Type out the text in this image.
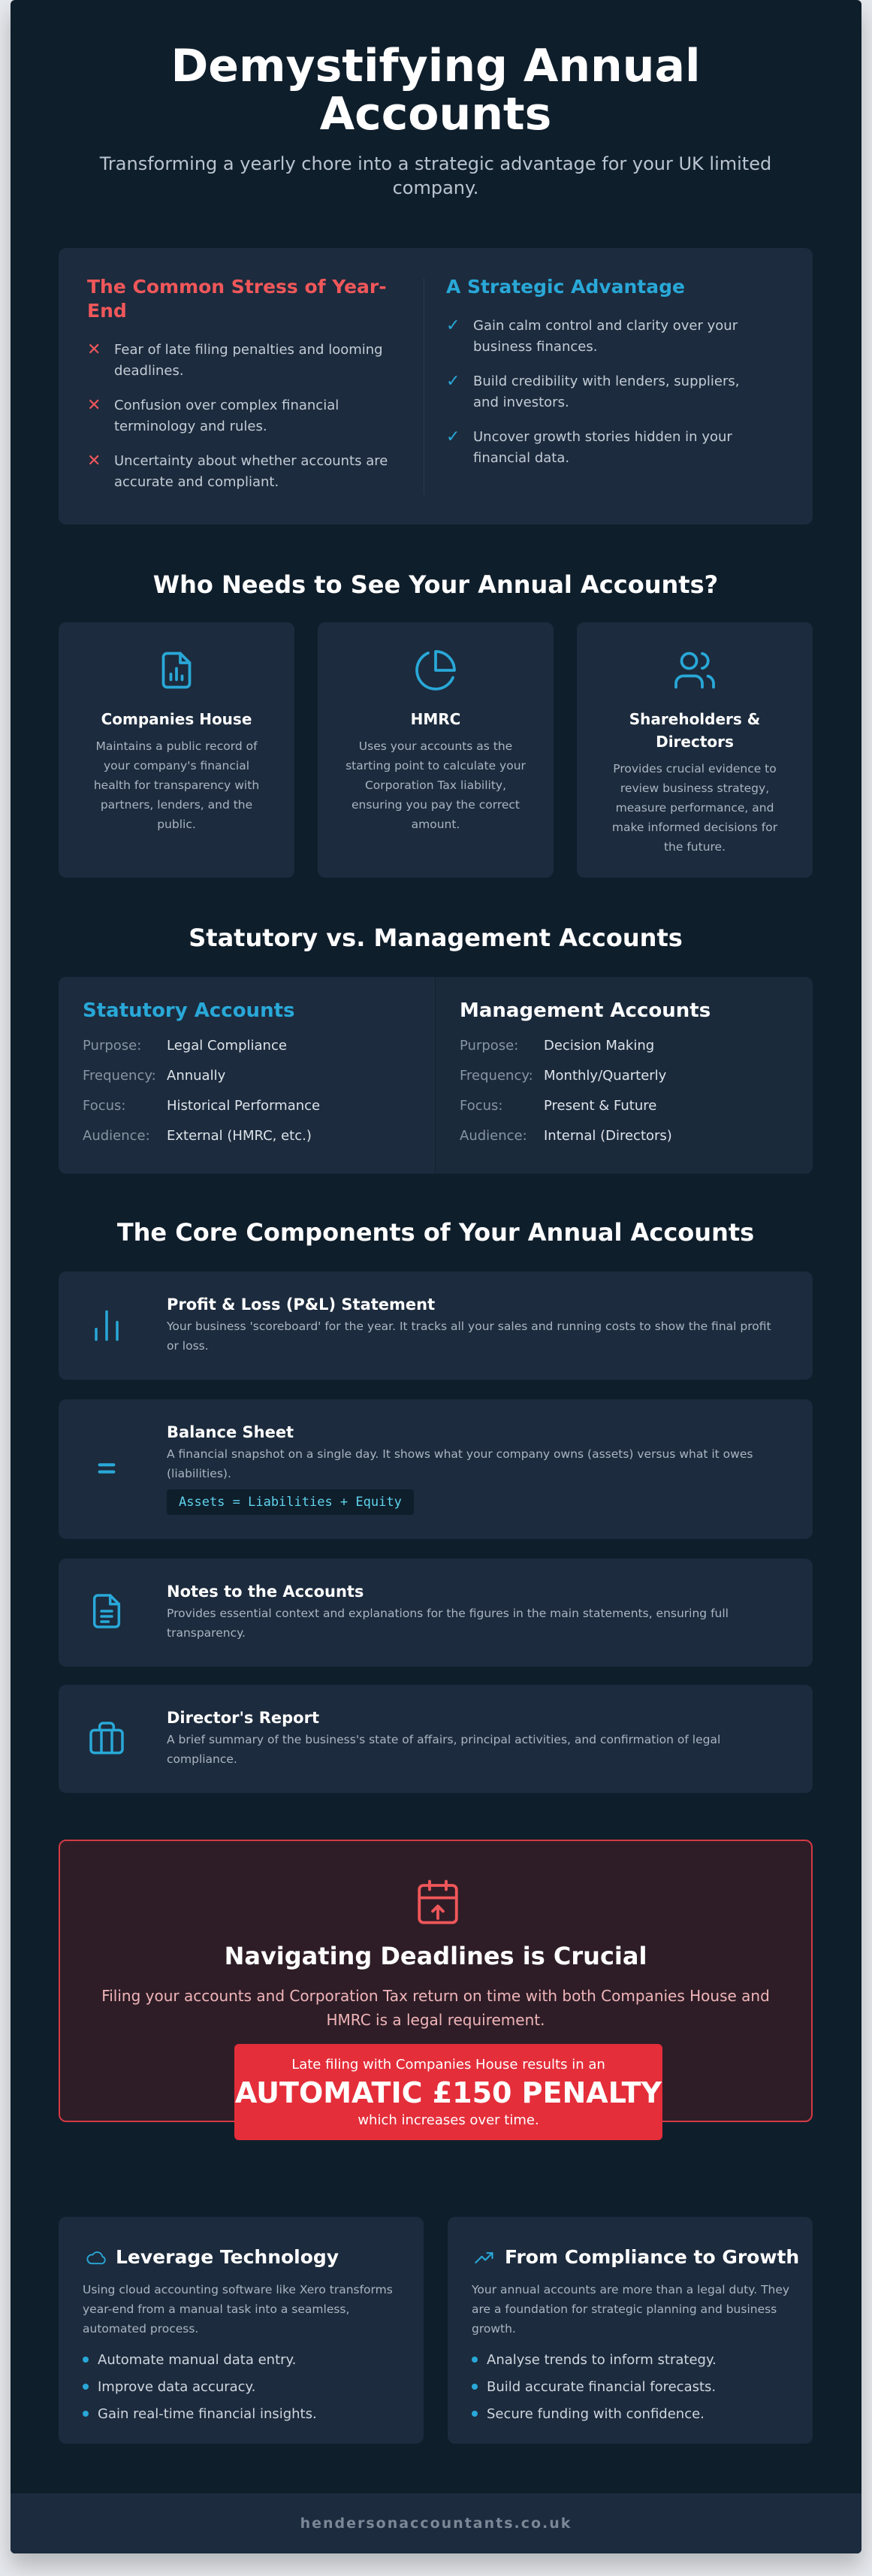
Demystifying Annual Accounts

Transforming a yearly chore into a strategic advantage for your UK limited company.

The Common Stress of Year-End
✕ Fear of late filing penalties and looming deadlines.
✕ Confusion over complex financial terminology and rules.
✕ Uncertainty about whether accounts are accurate and compliant.
A Strategic Advantage
✓ Gain calm control and clarity over your business finances.
✓ Build credibility with lenders, suppliers, and investors.
✓ Uncover growth stories hidden in your financial data.
Who Needs to See Your Annual Accounts?
Companies House
Maintains a public record of your company's financial health for transparency with partners, lenders, and the public.
HMRC
Uses your accounts as the starting point to calculate your Corporation Tax liability, ensuring you pay the correct amount.
Shareholders & Directors
Provides crucial evidence to review business strategy, measure performance, and make informed decisions for the future.
Statutory vs. Management Accounts
Statutory Accounts
Purpose:	Legal Compliance
Frequency: Annually
Focus:	Historical Performance
Audience:	External (HMRC, etc.)
Management Accounts
Purpose:	Decision Making
Frequency: Monthly/Quarterly
Focus:	Present & Future
Audience:	Internal (Directors)
The Core Components of Your Annual Accounts
Profit & Loss (P&L) Statement
Your business 'scoreboard' for the year. It tracks all your sales and running costs to show the final profit or loss.
Balance Sheet
A financial snapshot on a single day. It shows what your company owns (assets) versus what it owes (liabilities).
Assets = Liabilities + Equity
Notes to the Accounts
Provides essential context and explanations for the figures in the main statements, ensuring full transparency.
Director's Report
A brief summary of the business's state of affairs, principal activities, and confirmation of legal compliance.
Navigating Deadlines is Crucial
Filing your accounts and Corporation Tax return on time with both Companies House and HMRC is a legal requirement.
Late filing with Companies House results in an
AUTOMATIC £150 PENALTY
which increases over time.
Leverage Technology
Using cloud accounting software like Xero transforms year-end from a manual task into a seamless, automated process.
Automate manual data entry.
Improve data accuracy.
Gain real-time financial insights.
From Compliance to Growth
Your annual accounts are more than a legal duty. They are a foundation for strategic planning and business growth.
Analyse trends to inform strategy.
Build accurate financial forecasts.
Secure funding with confidence.
hendersonaccountants.co.uk
